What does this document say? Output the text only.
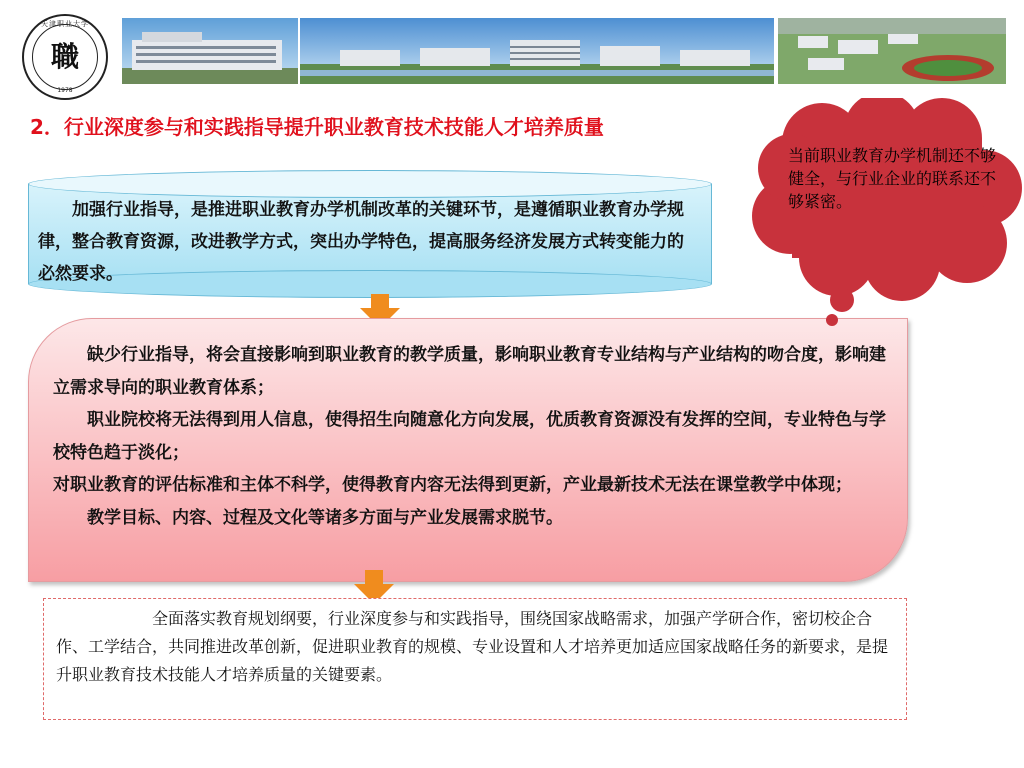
天津职业大学
職
1978
2．行业深度参与和实践指导提升职业教育技术技能人才培养质量
加强行业指导，是推进职业教育办学机制改革的关键环节，是遵循职业教育办学规律，整合教育资源，改进教学方式，突出办学特色，提高服务经济发展方式转变能力的必然要求。
缺少行业指导，将会直接影响到职业教育的教学质量，影响职业教育专业结构与产业结构的吻合度，影响建立需求导向的职业教育体系；
职业院校将无法得到用人信息，使得招生向随意化方向发展，优质教育资源没有发挥的空间，专业特色与学校特色趋于淡化；
对职业教育的评估标准和主体不科学，使得教育内容无法得到更新，产业最新技术无法在课堂教学中体现；
教学目标、内容、过程及文化等诸多方面与产业发展需求脱节。
全面落实教育规划纲要，行业深度参与和实践指导，围绕国家战略需求，加强产学研合作，密切校企合作、工学结合，共同推进改革创新，促进职业教育的规模、专业设置和人才培养更加适应国家战略任务的新要求，是提升职业教育技术技能人才培养质量的关键要素。
当前职业教育办学机制还不够健全，与行业企业的联系还不够紧密。
